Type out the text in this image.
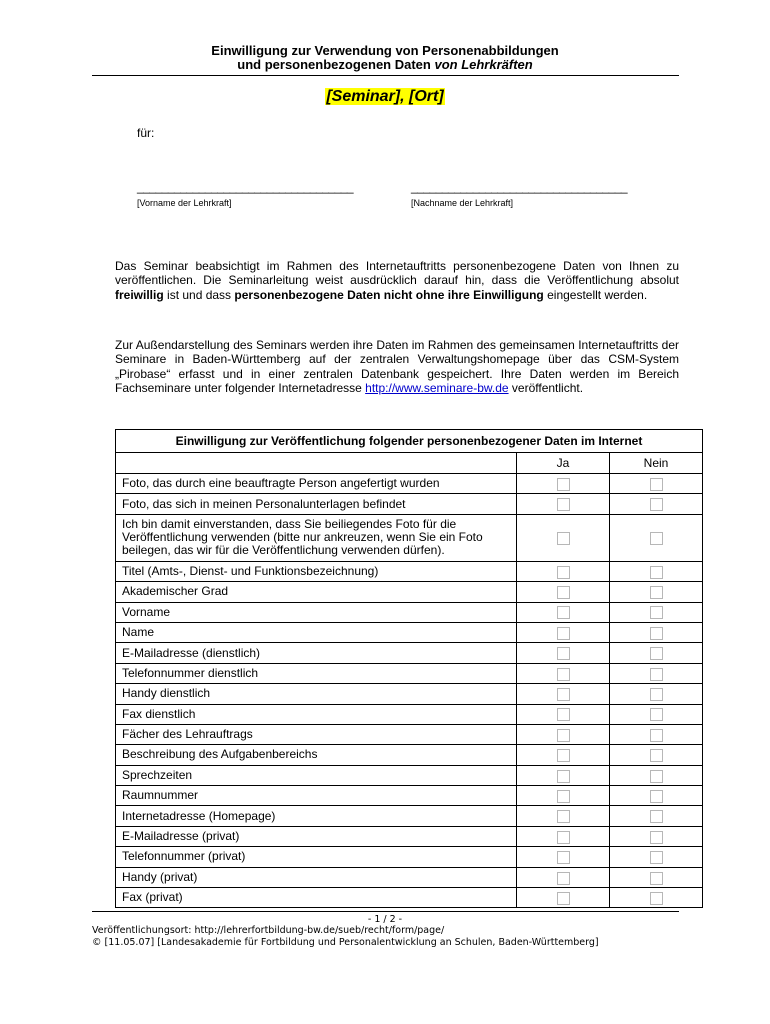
Einwilligung zur Verwendung von Personenabbildungen
und personenbezogenen Daten von Lehrkräften
[Seminar], [Ort]
für:
___________________________________	___________________________________
[Vorname der Lehrkraft]	[Nachname der Lehrkraft]
Das Seminar beabsichtigt im Rahmen des Internetauftritts personenbezogene Daten von Ihnen zu veröffentlichen. Die Seminarleitung weist ausdrücklich darauf hin, dass die Veröffentlichung absolut freiwillig ist und dass personenbezogene Daten nicht ohne ihre Einwilligung eingestellt werden.
Zur Außendarstellung des Seminars werden ihre Daten im Rahmen des gemeinsamen Internetauftritts der Seminare in Baden-Württemberg auf der zentralen Verwaltungshomepage über das CSM-System „Pirobase“ erfasst und in einer zentralen Datenbank gespeichert. Ihre Daten werden im Bereich Fachseminare unter folgender Internetadresse http://www.seminare-bw.de veröffentlicht.
Einwilligung zur Veröffentlichung folgender personenbezogener Daten im Internet		
	Ja	Nein
Foto, das durch eine beauftragte Person angefertigt wurden		
Foto, das sich in meinen Personalunterlagen befindet		
Ich bin damit einverstanden, dass Sie beiliegendes Foto für die Veröffentlichung verwenden (bitte nur ankreuzen, wenn Sie ein Foto beilegen, das wir für die Veröffentlichung verwenden dürfen).		
Titel (Amts-, Dienst- und Funktionsbezeichnung)		
Akademischer Grad		
Vorname		
Name		
E-Mailadresse (dienstlich)		
Telefonnummer dienstlich		
Handy dienstlich		
Fax dienstlich		
Fächer des Lehrauftrags		
Beschreibung des Aufgabenbereichs		
Sprechzeiten		
Raumnummer		
Internetadresse (Homepage)		
E-Mailadresse (privat)		
Telefonnummer (privat)		
Handy (privat)		
Fax (privat)		
- 1 / 2 -
Veröffentlichungsort: http://lehrerfortbildung-bw.de/sueb/recht/form/page/
© [11.05.07] [Landesakademie für Fortbildung und Personalentwicklung an Schulen, Baden-Württemberg]
